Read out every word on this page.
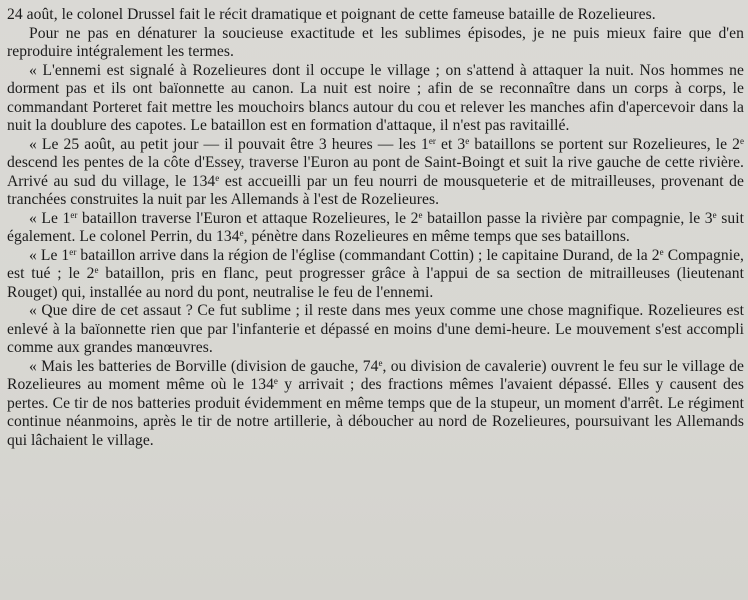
24 août, le colonel Drussel fait le récit dramatique et poignant de cette fameuse bataille de Rozelieures.

Pour ne pas en dénaturer la soucieuse exactitude et les sublimes épisodes, je ne puis mieux faire que d'en reproduire intégralement les termes.

« L'ennemi est signalé à Rozelieures dont il occupe le village ; on s'attend à attaquer la nuit. Nos hommes ne dorment pas et ils ont baïonnette au canon. La nuit est noire ; afin de se reconnaître dans un corps à corps, le commandant Porteret fait mettre les mouchoirs blancs autour du cou et relever les manches afin d'apercevoir dans la nuit la doublure des capotes. Le bataillon est en formation d'attaque, il n'est pas ravitaillé.

« Le 25 août, au petit jour — il pouvait être 3 heures — les 1er et 3e bataillons se portent sur Rozelieures, le 2e descend les pentes de la côte d'Essey, traverse l'Euron au pont de Saint-Boingt et suit la rive gauche de cette rivière. Arrivé au sud du village, le 134e est accueilli par un feu nourri de mousqueterie et de mitrailleuses, provenant de tranchées construites la nuit par les Allemands à l'est de Rozelieures.

« Le 1er bataillon traverse l'Euron et attaque Rozelieures, le 2e bataillon passe la rivière par compagnie, le 3e suit également. Le colonel Perrin, du 134e, pénètre dans Rozelieures en même temps que ses bataillons.

« Le 1er bataillon arrive dans la région de l'église (commandant Cottin) ; le capitaine Durand, de la 2e Compagnie, est tué ; le 2e bataillon, pris en flanc, peut progresser grâce à l'appui de sa section de mitrailleuses (lieutenant Rouget) qui, installée au nord du pont, neutralise le feu de l'ennemi.

« Que dire de cet assaut ? Ce fut sublime ; il reste dans mes yeux comme une chose magnifique. Rozelieures est enlevé à la baïonnette rien que par l'infanterie et dépassé en moins d'une demi-heure. Le mouvement s'est accompli comme aux grandes manœuvres.

« Mais les batteries de Borville (division de gauche, 74e, ou division de cavalerie) ouvrent le feu sur le village de Rozelieures au moment même où le 134e y arrivait ; des fractions mêmes l'avaient dépassé. Elles y causent des pertes. Ce tir de nos batteries produit évidemment en même temps que de la stupeur, un moment d'arrêt. Le régiment continue néanmoins, après le tir de notre artillerie, à déboucher au nord de Rozelieures, poursuivant les Allemands qui lâchaient le village.
